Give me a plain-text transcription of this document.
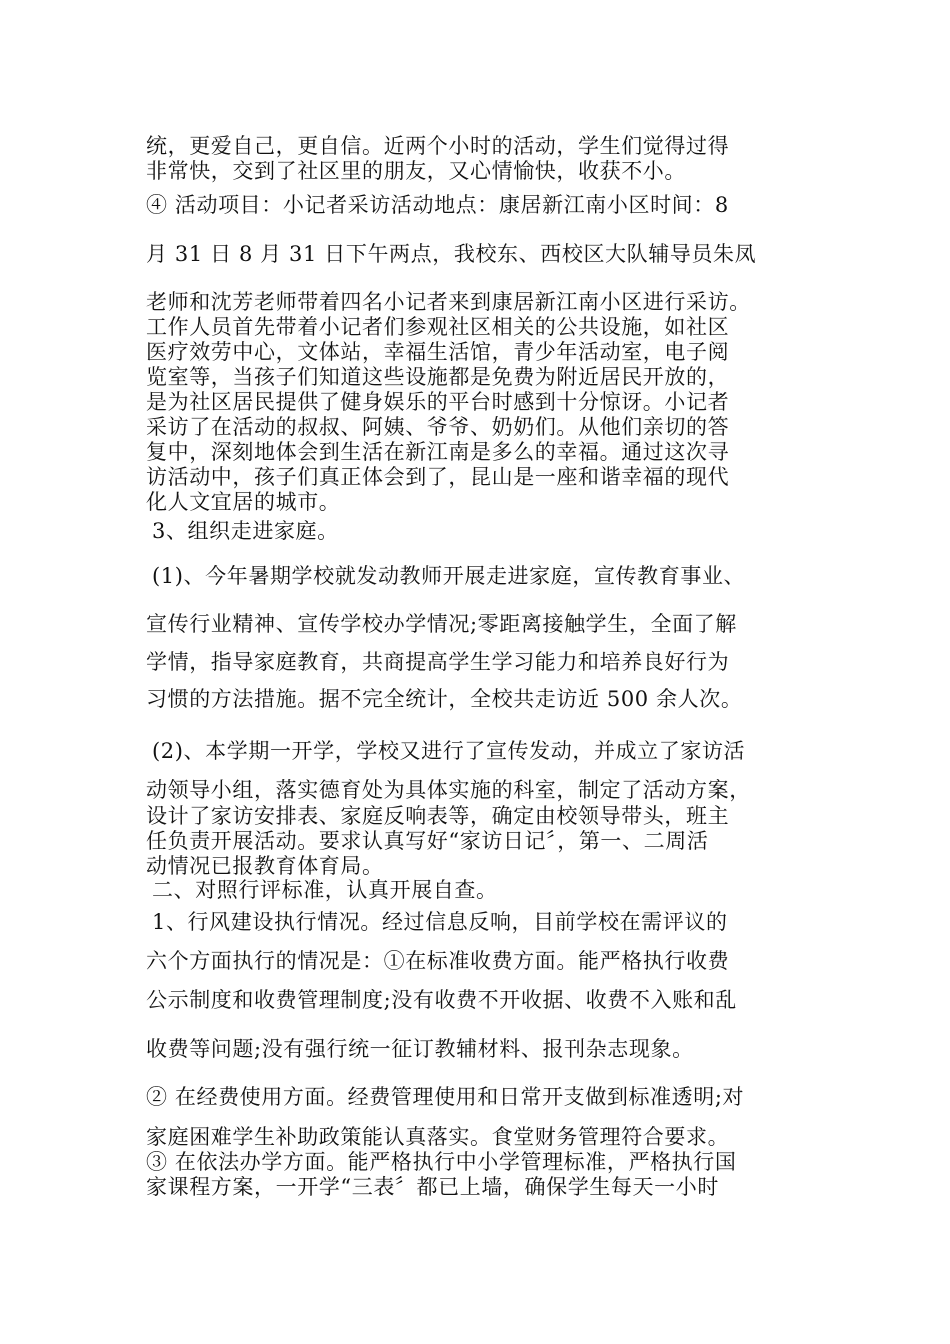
统，更爱自己，更自信。近两个小时的活动，学生们觉得过得
非常快，交到了社区里的朋友，又心情愉快，收获不小。
④ 活动项目：小记者采访活动地点：康居新江南小区时间：8
月 31 日 8 月 31 日下午两点，我校东、西校区大队辅导员朱凤
老师和沈芳老师带着四名小记者来到康居新江南小区进行采访。
工作人员首先带着小记者们参观社区相关的公共设施，如社区
医疗效劳中心，文体站，幸福生活馆，青少年活动室，电子阅
览室等，当孩子们知道这些设施都是免费为附近居民开放的，
是为社区居民提供了健身娱乐的平台时感到十分惊讶。小记者
采访了在活动的叔叔、阿姨、爷爷、奶奶们。从他们亲切的答
复中，深刻地体会到生活在新江南是多么的幸福。通过这次寻
访活动中，孩子们真正体会到了，昆山是一座和谐幸福的现代
化人文宜居的城市。
3、组织走进家庭。
(1)、今年暑期学校就发动教师开展走进家庭，宣传教育事业、
宣传行业精神、宣传学校办学情况;零距离接触学生，全面了解
学情，指导家庭教育，共商提高学生学习能力和培养良好行为
习惯的方法措施。据不完全统计，全校共走访近 500 余人次。
(2)、本学期一开学，学校又进行了宣传发动，并成立了家访活
动领导小组，落实德育处为具体实施的科室，制定了活动方案，
设计了家访安排表、家庭反响表等，确定由校领导带头，班主
任负责开展活动。要求认真写好“家访日记〞，第一、二周活
动情况已报教育体育局。
二、对照行评标准，认真开展自查。
1、行风建设执行情况。经过信息反响，目前学校在需评议的
六个方面执行的情况是：①在标准收费方面。能严格执行收费
公示制度和收费管理制度;没有收费不开收据、收费不入账和乱
收费等问题;没有强行统一征订教辅材料、报刊杂志现象。
② 在经费使用方面。经费管理使用和日常开支做到标准透明;对
家庭困难学生补助政策能认真落实。食堂财务管理符合要求。
③ 在依法办学方面。能严格执行中小学管理标准，严格执行国
家课程方案，一开学“三表〞都已上墙，确保学生每天一小时
